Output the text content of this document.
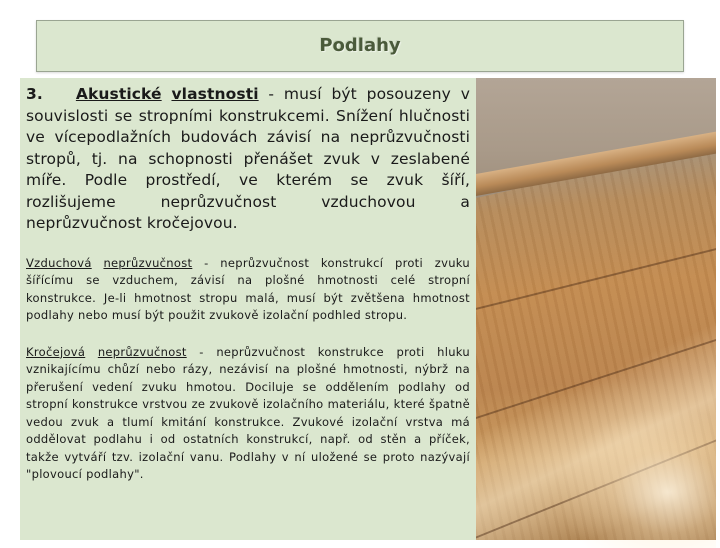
Podlahy

3. Akustické vlastnosti - musí být posouzeny v souvislosti se stropními konstrukcemi. Snížení hlučnosti ve vícepodlažních budovách závisí na neprůzvučnosti stropů, tj. na schopnosti přenášet zvuk v zeslabené míře. Podle prostředí, ve kterém se zvuk šíří, rozlišujeme neprůzvučnost vzduchovou a neprůzvučnost kročejovou.

Vzduchová neprůzvučnost - neprůzvučnost konstrukcí proti zvuku šířícímu se vzduchem, závisí na plošné hmotnosti celé stropní konstrukce. Je-li hmotnost stropu malá, musí být zvětšena hmotnost podlahy nebo musí být použit zvukově izolační podhled stropu.

Kročejová neprůzvučnost - neprůzvučnost konstrukce proti hluku vznikajícímu chůzí nebo rázy, nezávisí na plošné hmotnosti, nýbrž na přerušení vedení zvuku hmotou. Dociluje se oddělením podlahy od stropní konstrukce vrstvou ze zvukově izolačního materiálu, které špatně vedou zvuk a tlumí kmitání konstrukce. Zvukové izolační vrstva má oddělovat podlahu i od ostatních konstrukcí, např. od stěn a příček, takže vytváří tzv. izolační vanu. Podlahy v ní uložené se proto nazývají "plovoucí podlahy".
